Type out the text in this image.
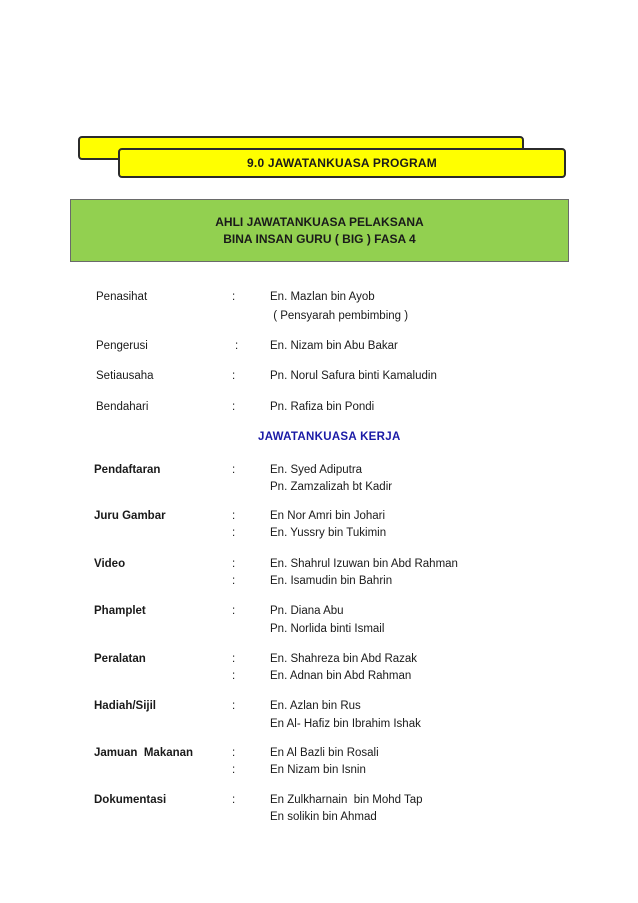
9.0 JAWATANKUASA PROGRAM
AHLI JAWATANKUASA PELAKSANA
BINA INSAN GURU ( BIG ) FASA 4
Penasihat	:	En. Mazlan bin Ayob
( Pensyarah pembimbing )
Pengerusi	:	En. Nizam bin Abu Bakar
Setiausaha	:	Pn. Norul Safura binti Kamaludin
Bendahari	:	Pn. Rafiza bin Pondi
JAWATANKUASA KERJA
Pendaftaran	:	En. Syed Adiputra
Pn. Zamzalizah bt Kadir
Juru Gambar	:	En Nor Amri bin Johari
:	En. Yussry bin Tukimin
Video	:	En. Shahrul Izuwan bin Abd Rahman
:	En. Isamudin bin Bahrin
Phamplet	:	Pn. Diana Abu
Pn. Norlida binti Ismail
Peralatan	:	En. Shahreza bin Abd Razak
:	En. Adnan bin Abd Rahman
Hadiah/Sijil	:	En. Azlan bin Rus
En Al- Hafiz bin Ibrahim Ishak
Jamuan  Makanan	:	En Al Bazli bin Rosali
:	En Nizam bin Isnin
Dokumentasi	:	En Zulkharnain  bin Mohd Tap
En solikin bin Ahmad
